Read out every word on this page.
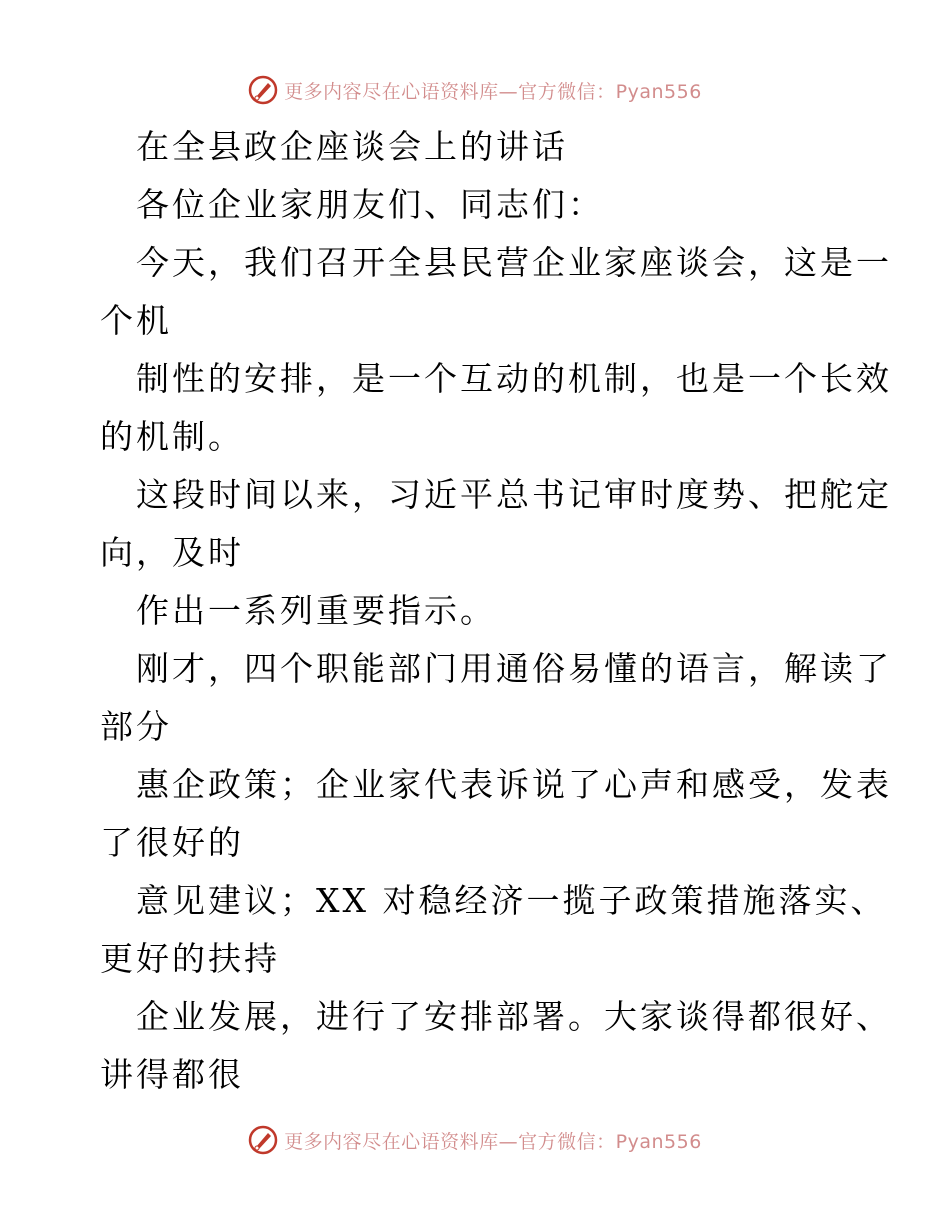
更多内容尽在心语资料库—官方微信：Pyan556
在全县政企座谈会上的讲话
各位企业家朋友们、同志们：
今天，我们召开全县民营企业家座谈会，这是一
个机
制性的安排，是一个互动的机制，也是一个长效
的机制。
这段时间以来，习近平总书记审时度势、把舵定
向，及时
作出一系列重要指示。
刚才，四个职能部门用通俗易懂的语言，解读了
部分
惠企政策；企业家代表诉说了心声和感受，发表
了很好的
意见建议；XX 对稳经济一揽子政策措施落实、
更好的扶持
企业发展，进行了安排部署。大家谈得都很好、
讲得都很
更多内容尽在心语资料库—官方微信：Pyan556
